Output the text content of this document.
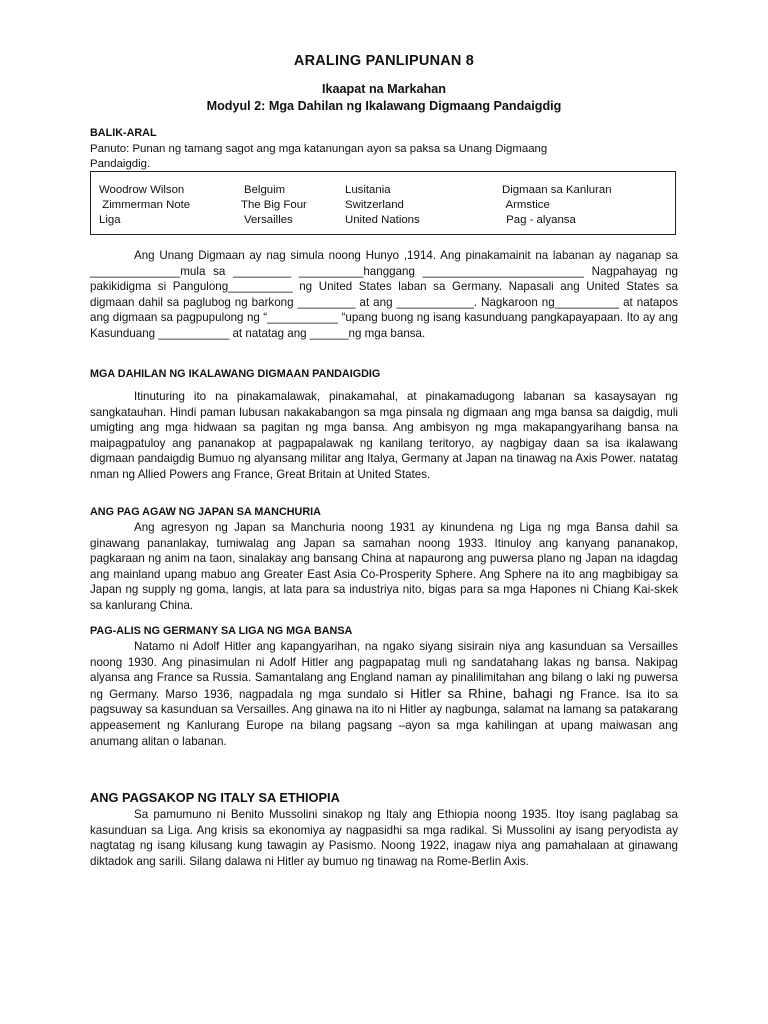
ARALING PANLIPUNAN 8
Ikaapat na Markahan
Modyul 2: Mga Dahilan ng Ikalawang Digmaang Pandaigdig
BALIK-ARAL
Panuto: Punan ng tamang sagot ang mga katanungan ayon sa paksa sa Unang Digmaang
Pandaigdig.
Woodrow Wilson	Belguim	Lusitania	Digmaan sa Kanluran
Zimmerman Note	The Big Four	Switzerland	Armstice
Liga	Versailles	United Nations	Pag - alyansa

Ang Unang Digmaan ay nag simula noong Hunyo ,1914. Ang pinakamainit na labanan ay naganap sa ______________mula sa _________ __________hanggang _________________________ Nagpahayag ng pakikidigma si Pangulong__________ ng United States laban sa Germany. Napasali ang United States sa digmaan dahil sa paglubog ng barkong _________ at ang ____________. Nagkaroon ng__________ at natapos ang digmaan sa pagpupulong ng “___________ “upang buong ng isang kasunduang pangkapayapaan. Ito ay ang Kasunduang ___________ at natatag ang ______ng mga bansa.

MGA DAHILAN NG IKALAWANG DIGMAAN PANDAIGDIG

Itinuturing ito na pinakamalawak, pinakamahal, at pinakamadugong labanan sa kasaysayan ng sangkatauhan. Hindi paman lubusan nakakabangon sa mga pinsala ng digmaan ang mga bansa sa daigdig, muli umigting ang mga hidwaan sa pagitan ng mga bansa. Ang ambisyon ng mga makapangyarihang bansa na maipagpatuloy ang pananakop at pagpapalawak ng kanilang teritoryo, ay nagbigay daan sa isa ikalawang digmaan pandaigdig Bumuo ng alyansang militar ang Italya, Germany at Japan na tinawag na Axis Power. natatag nman ng Allied Powers ang France, Great Britain at United States.

ANG PAG AGAW NG JAPAN SA MANCHURIA

Ang agresyon ng Japan sa Manchuria noong 1931 ay kinundena ng Liga ng mga Bansa dahil sa ginawang pananlakay, tumiwalag ang Japan sa samahan noong 1933. Itinuloy ang kanyang pananakop, pagkaraan ng anim na taon, sinalakay ang bansang China at napaurong ang puwersa plano ng Japan na idagdag ang mainland upang mabuo ang Greater East Asia Co-Prosperity Sphere. Ang Sphere na ito ang magbibigay sa Japan ng supply ng goma, langis, at lata para sa industriya nito, bigas para sa mga Hapones ni Chiang Kai-skek sa kanlurang China.

PAG-ALIS NG GERMANY SA LIGA NG MGA BANSA

Natamo ni Adolf Hitler ang kapangyarihan, na ngako siyang sisirain niya ang kasunduan sa Versailles noong 1930. Ang pinasimulan ni Adolf Hitler ang pagpapatag muli ng sandatahang lakas ng bansa. Nakipag alyansa ang France sa Russia. Samantalang ang England naman ay pinalilimitahan ang bilang o laki ng puwersa ng Germany. Marso 1936, nagpadala ng mga sundalo si Hitler sa Rhine, bahagi ng France. Isa ito sa pagsuway sa kasunduan sa Versailles. Ang ginawa na ito ni Hitler ay nagbunga, salamat na lamang sa patakarang appeasement ng Kanlurang Europe na bilang pagsang –ayon sa mga kahilingan at upang maiwasan ang anumang alitan o labanan.

ANG PAGSAKOP NG ITALY SA ETHIOPIA

Sa pamumuno ni Benito Mussolini sinakop ng Italy ang Ethiopia noong 1935. Itoy isang paglabag sa kasunduan sa Liga. Ang krisis sa ekonomiya ay nagpasidhi sa mga radikal. Si Mussolini ay isang peryodista ay nagtatag ng isang kilusang kung tawagin ay Pasismo. Noong 1922, inagaw niya ang pamahalaan at ginawang diktadok ang sarili. Silang dalawa ni Hitler ay bumuo ng tinawag na Rome-Berlin Axis.
